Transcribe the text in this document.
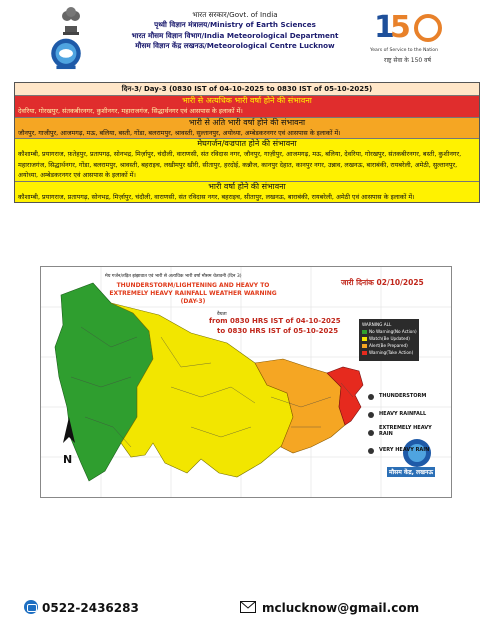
भारत सरकार/Govt. of India
पृथ्वी विज्ञान मंत्रालय/Ministry of Earth Sciences
भारत मौसम विज्ञान विभाग/India Meteorological Department
मौसम विज्ञान केंद्र लखनऊ/Meteorological Centre Lucknow
1
5
Years of Service to the Nation
राष्ट्र सेवा के 150 वर्ष
दिन-3/ Day-3 (0830 IST of 04-10-2025 to 0830 IST of 05-10-2025)
भारी से अत्यधिक भारी वर्षा होने की संभावना
देवरिया, गोरखपुर, संतकबीरनगर, कुशीनगर, महाराजगंज, सिद्धार्थनगर एवं आसपास के इलाकों में।
भारी से अति भारी वर्षा होने की संभावना
जौनपुर, गाजीपुर, आजमगढ़, मऊ, बलिया, बस्ती, गोंडा, बलरामपुर, श्रावस्ती, सुल्तानपुर, अयोध्या, अम्बेडकरनगर एवं आसपास के इलाकों में।
मेघगर्जन/वज्रपात होने की संभावना
कौशाम्बी, प्रयागराज, फ़तेहपुर, प्रतापगढ़, सोनभद्र, मिर्ज़ापुर, चंदौली, वाराणसी, संत रविदास नगर, जौनपुर, गाज़ीपुर, आजमगढ़, मऊ, बलिया, देवरिया, गोरखपुर, संतकबीरनगर, बस्ती, कुशीनगर, महाराजगंज, सिद्धार्थनगर, गोंडा, बलरामपुर, श्रावस्ती, बहराइच, लखीमपुर खीरी, सीतापुर, हरदोई, कन्नौज, कानपुर देहात, कानपुर नगर, उन्नाव, लखनऊ, बाराबंकी, रायबरेली, अमेठी, सुल्तानपुर, अयोध्या, अम्बेडकरनगर एवं आसपास के इलाकों में।
भारी वर्षा होने की संभावना
कौशाम्बी, प्रयागराज, प्रतापगढ़, सोनभद्र, मिर्ज़ापुर, चंदौली, वाराणसी, संत रविदास नगर, बहराइच, सीतापुर, लखनऊ, बाराबंकी, रायबरेली, अमेठी एवं आसपास के इलाकों में।
मेघ गर्जन/तड़ित झंझावात एवं भारी से अत्यधिक भारी वर्षा मौसम चेतावनी (दिन 3)
THUNDERSTORM/LIGHTENING AND HEAVY TO EXTREMELY HEAVY RAINFALL WEATHER WARNING (DAY-3)
जारी दिनांक 02/10/2025
वैधता
from 0830 HRS IST of 04-10-2025
to 0830 HRS IST of 05-10-2025
WARNING ALL
No Warning(No Action)
Watch(Be Updated)
Alert(Be Prepared)
Warning(Take Action)
THUNDERSTORM
HEAVY RAINFALL
EXTREMELY HEAVY RAIN
VERY HEAVY RAIN
N
मौसम केंद्र, लखनऊ
0522-2436283	mclucknow@gmail.com
